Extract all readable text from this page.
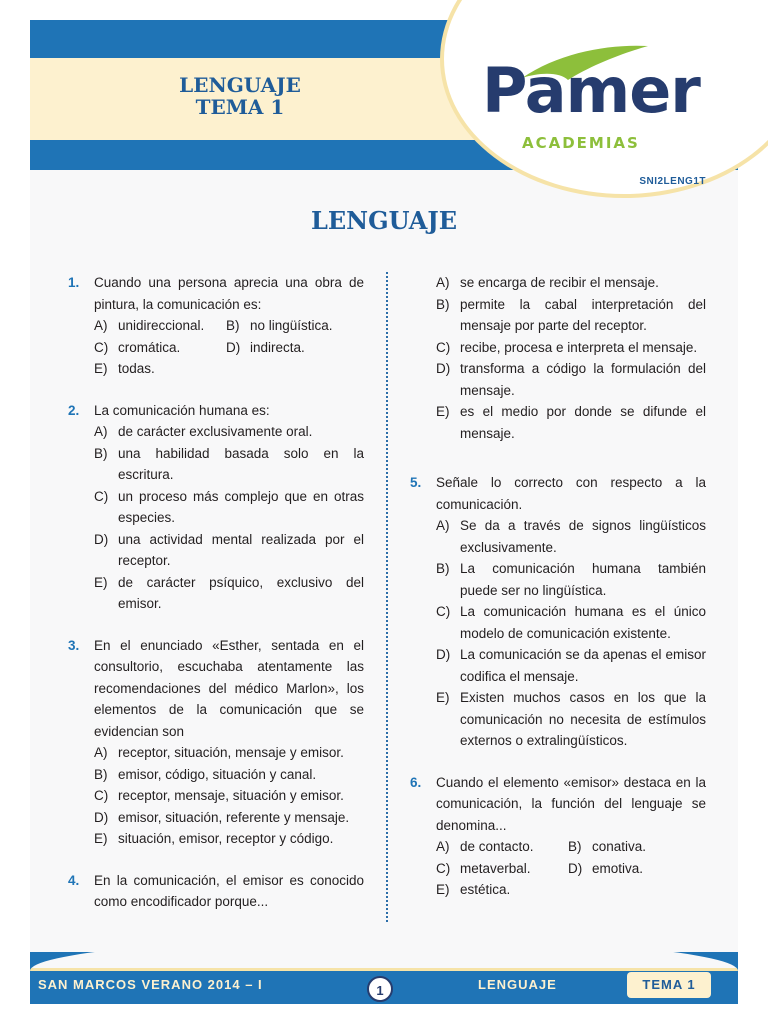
LENGUAJE
TEMA 1	Pamer
ACADEMIAS
SNI2LENG1T
LENGUAJE
1.	Cuando una persona aprecia una obra de pintura, la comunicación es:
A) unidireccional.	B) no lingüística.
C) cromática.	D) indirecta.
E) todas.
2.	La comunicación humana es:
A) de carácter exclusivamente oral.
B) una habilidad basada solo en la escritura.
C) un proceso más complejo que en otras especies.
D) una actividad mental realizada por el receptor.
E) de carácter psíquico, exclusivo del emisor.
3.	En el enunciado «Esther, sentada en el consultorio, escuchaba atentamente las recomendaciones del médico Marlon», los elementos de la comunicación que se evidencian son
A) receptor, situación, mensaje y emisor.
B) emisor, código, situación y canal.
C) receptor, mensaje, situación y emisor.
D) emisor, situación, referente y mensaje.
E) situación, emisor, receptor y código.
4.	En la comunicación, el emisor es conocido como encodificador porque...
A) se encarga de recibir el mensaje.
B) permite la cabal interpretación del mensaje por parte del receptor.
C) recibe, procesa e interpreta el mensaje.
D) transforma a código la formulación del mensaje.
E) es el medio por donde se difunde el mensaje.
5.	Señale lo correcto con respecto a la comunicación.
A) Se da a través de signos lingüísticos exclusivamente.
B) La comunicación humana también puede ser no lingüística.
C) La comunicación humana es el único modelo de comunicación existente.
D) La comunicación se da apenas el emisor codifica el mensaje.
E) Existen muchos casos en los que la comunicación no necesita de estímulos externos o extralingüísticos.
6.	Cuando el elemento «emisor» destaca en la comunicación, la función del lenguaje se denomina...
A) de contacto.	B) conativa.
C) metaverbal.	D) emotiva.
E) estética.
SAN MARCOS VERANO 2014 – I	1	LENGUAJE	TEMA 1
